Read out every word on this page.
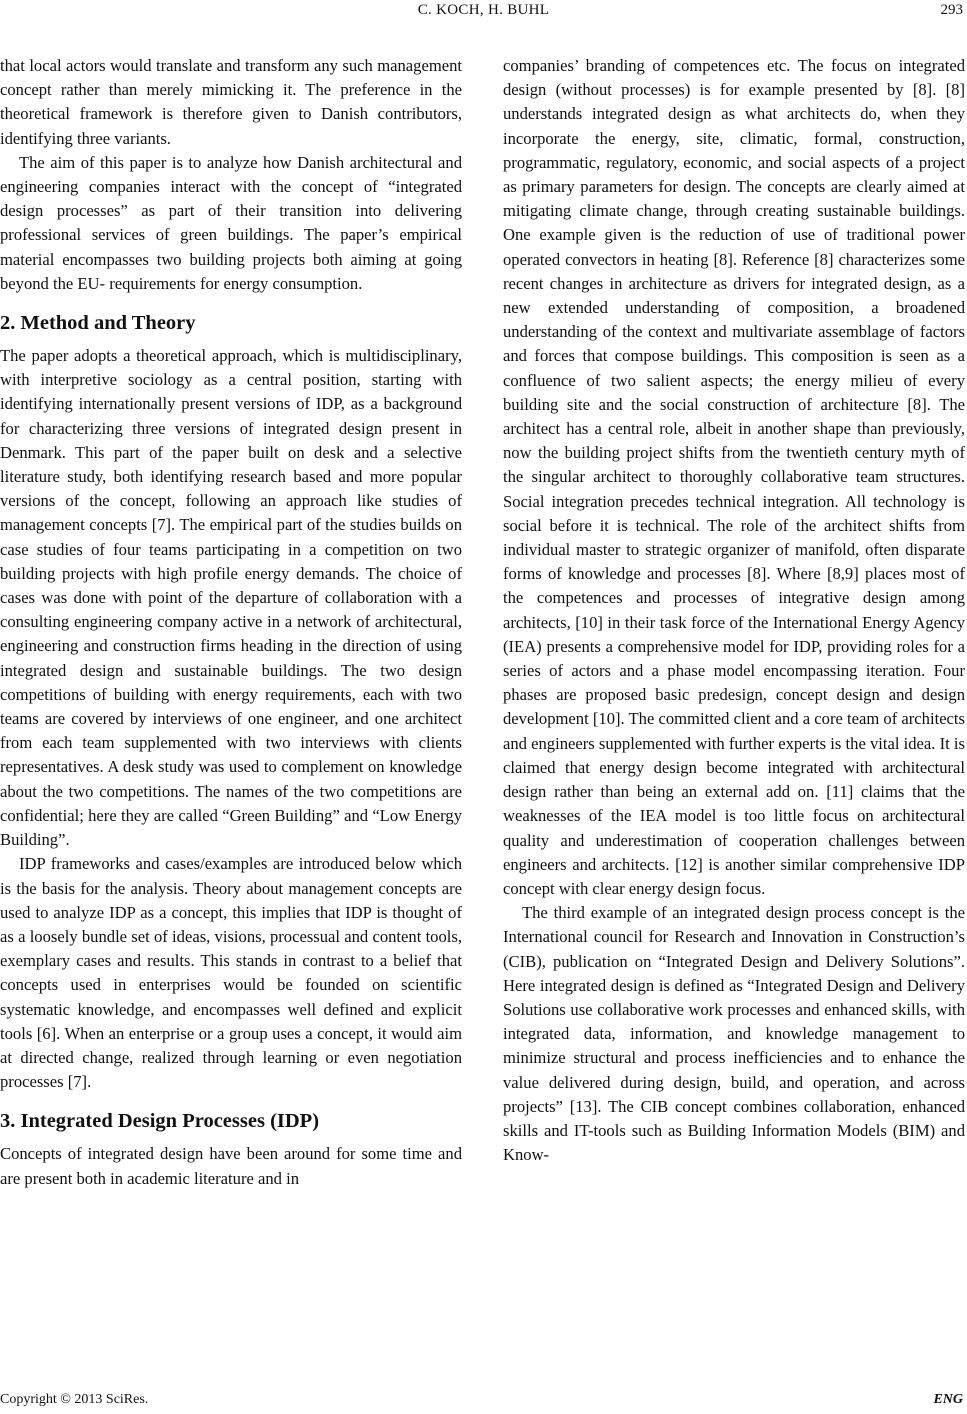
C. KOCH, H. BUHL	293

that local actors would translate and transform any such management concept rather than merely mimicking it. The preference in the theoretical framework is therefore given to Danish contributors, identifying three variants.

The aim of this paper is to analyze how Danish architectural and engineering companies interact with the concept of “integrated design processes” as part of their transition into delivering professional services of green buildings. The paper’s empirical material encompasses two building projects both aiming at going beyond the EU- requirements for energy consumption.

2. Method and Theory

The paper adopts a theoretical approach, which is multidisciplinary, with interpretive sociology as a central position, starting with identifying internationally present versions of IDP, as a background for characterizing three versions of integrated design present in Denmark. This part of the paper built on desk and a selective literature study, both identifying research based and more popular versions of the concept, following an approach like studies of management concepts [7]. The empirical part of the studies builds on case studies of four teams participating in a competition on two building projects with high profile energy demands. The choice of cases was done with point of the departure of collaboration with a consulting engineering company active in a network of architectural, engineering and construction firms heading in the direction of using integrated design and sustainable buildings. The two design competitions of building with energy requirements, each with two teams are covered by interviews of one engineer, and one architect from each team supplemented with two interviews with clients representatives. A desk study was used to complement on knowledge about the two competitions. The names of the two competitions are confidential; here they are called “Green Building” and “Low Energy Building”.

IDP frameworks and cases/examples are introduced below which is the basis for the analysis. Theory about management concepts are used to analyze IDP as a concept, this implies that IDP is thought of as a loosely bundle set of ideas, visions, processual and content tools, exemplary cases and results. This stands in contrast to a belief that concepts used in enterprises would be founded on scientific systematic knowledge, and encompasses well defined and explicit tools [6]. When an enterprise or a group uses a concept, it would aim at directed change, realized through learning or even negotiation processes [7].

3. Integrated Design Processes (IDP)

Concepts of integrated design have been around for some time and are present both in academic literature and in

companies’ branding of competences etc. The focus on integrated design (without processes) is for example presented by [8]. [8] understands integrated design as what architects do, when they incorporate the energy, site, climatic, formal, construction, programmatic, regulatory, economic, and social aspects of a project as primary parameters for design. The concepts are clearly aimed at mitigating climate change, through creating sustainable buildings. One example given is the reduction of use of traditional power operated convectors in heating [8]. Reference [8] characterizes some recent changes in architecture as drivers for integrated design, as a new extended understanding of composition, a broadened understanding of the context and multivariate assemblage of factors and forces that compose buildings. This composition is seen as a confluence of two salient aspects; the energy milieu of every building site and the social construction of architecture [8]. The architect has a central role, albeit in another shape than previously, now the building project shifts from the twentieth century myth of the singular architect to thoroughly collaborative team structures. Social integration precedes technical integration. All technology is social before it is technical. The role of the architect shifts from individual master to strategic organizer of manifold, often disparate forms of knowledge and processes [8]. Where [8,9] places most of the competences and processes of integrative design among architects, [10] in their task force of the International Energy Agency (IEA) presents a comprehensive model for IDP, providing roles for a series of actors and a phase model encompassing iteration. Four phases are proposed basic predesign, concept design and design development [10]. The committed client and a core team of architects and engineers supplemented with further experts is the vital idea. It is claimed that energy design become integrated with architectural design rather than being an external add on. [11] claims that the weaknesses of the IEA model is too little focus on architectural quality and underestimation of cooperation challenges between engineers and architects. [12] is another similar comprehensive IDP concept with clear energy design focus.

The third example of an integrated design process concept is the International council for Research and Innovation in Construction’s (CIB), publication on “Integrated Design and Delivery Solutions”. Here integrated design is defined as “Integrated Design and Delivery Solutions use collaborative work processes and enhanced skills, with integrated data, information, and knowledge management to minimize structural and process inefficiencies and to enhance the value delivered during design, build, and operation, and across projects” [13]. The CIB concept combines collaboration, enhanced skills and IT-tools such as Building Information Models (BIM) and Know-

Copyright © 2013 SciRes.	ENG
